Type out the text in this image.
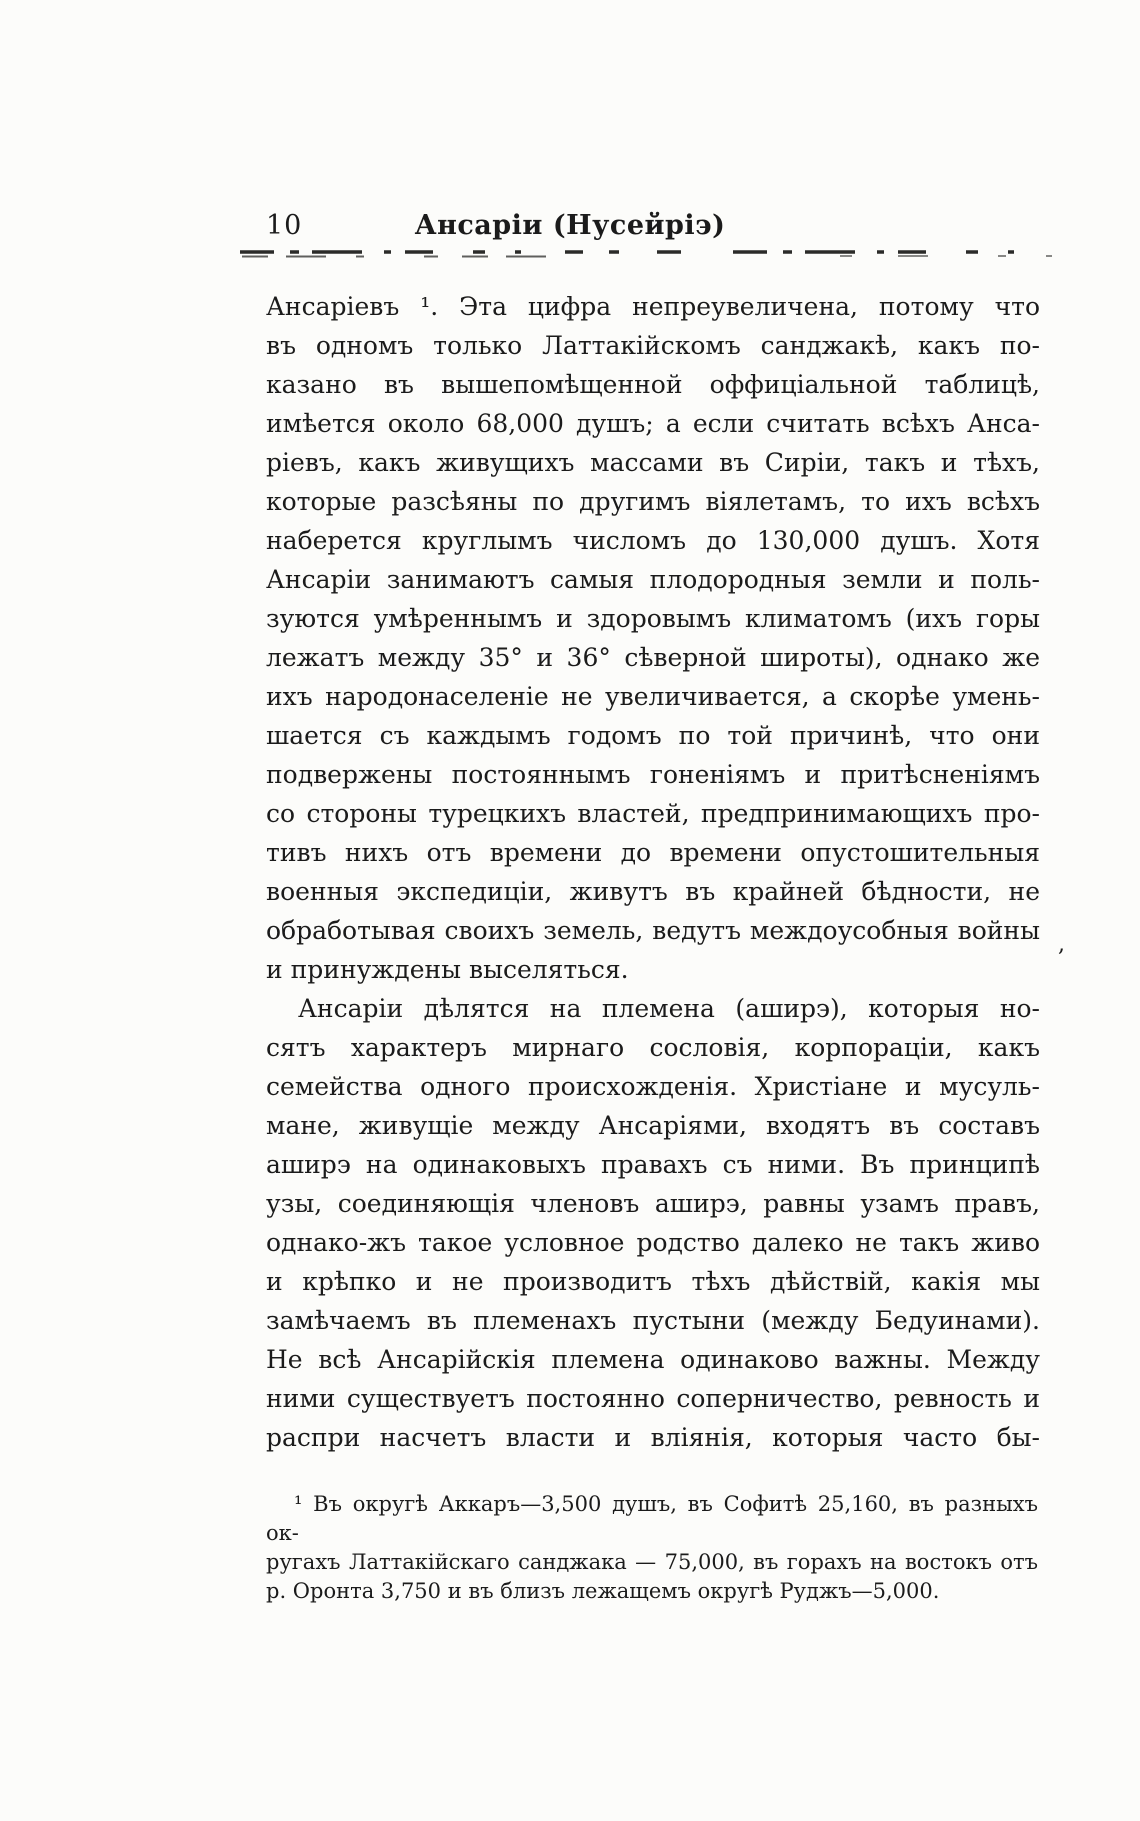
10	Ансаріи (Нусейріэ)
Ансаріевъ ¹. Эта цифра непреувеличена, потому что
въ одномъ только Латтакійскомъ санджакѣ, какъ по-
казано въ вышепомѣщенной оффиціальной таблицѣ,
имѣется около 68,000 душъ; а если считать всѣхъ Анса-
ріевъ, какъ живущихъ массами въ Сиріи, такъ и тѣхъ,
которые разсѣяны по другимъ віялетамъ, то ихъ всѣхъ
наберется круглымъ числомъ до 130,000 душъ. Хотя
Ансаріи занимаютъ самыя плодородныя земли и поль-
зуются умѣреннымъ и здоровымъ климатомъ (ихъ горы
лежатъ между 35° и 36° сѣверной широты), однако же
ихъ народонаселеніе не увеличивается, а скорѣе умень-
шается съ каждымъ годомъ по той причинѣ, что они
подвержены постояннымъ гоненіямъ и притѣсненіямъ
со стороны турецкихъ властей, предпринимающихъ про-
тивъ нихъ отъ времени до времени опустошительныя
военныя экспедиціи, живутъ въ крайней бѣдности, не
обработывая своихъ земель, ведутъ междоусобныя войны
и принуждены выселяться.
Ансаріи дѣлятся на племена (аширэ), которыя но-
сятъ характеръ мирнаго сословія, корпораціи, какъ
семейства одного происхожденія. Христіане и мусуль-
мане, живущіе между Ансаріями, входятъ въ составъ
аширэ на одинаковыхъ правахъ съ ними. Въ принципѣ
узы, соединяющія членовъ аширэ, равны узамъ правъ,
однако-жъ такое условное родство далеко не такъ живо
и крѣпко и не производитъ тѣхъ дѣйствій, какія мы
замѣчаемъ въ племенахъ пустыни (между Бедуинами).
Не всѣ Ансарійскія племена одинаково важны. Между
ними существуетъ постоянно соперничество, ревность и
распри насчетъ власти и вліянія, которыя часто бы-
¹ Въ округѣ Аккаръ—3,500 душъ, въ Софитѣ 25,160, въ разныхъ ок-
ругахъ Латтакійскаго санджака — 75,000, въ горахъ на востокъ отъ
р. Оронта 3,750 и въ близъ лежащемъ округѣ Руджъ—5,000.
,
